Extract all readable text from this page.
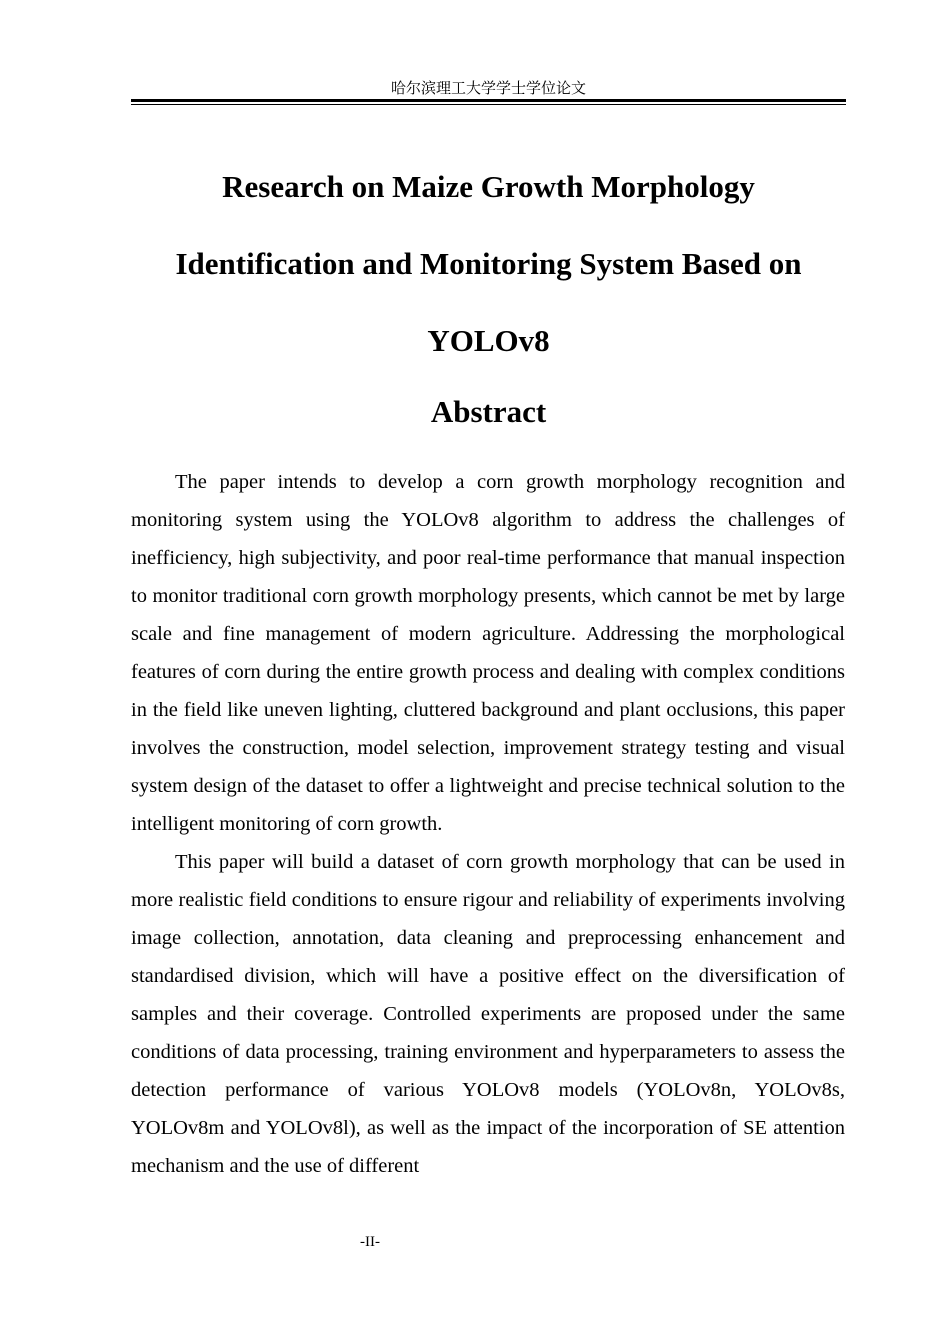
哈尔滨理工大学学士学位论文
Research on Maize Growth Morphology Identification and Monitoring System Based on YOLOv8
Abstract

The paper intends to develop a corn growth morphology recognition and monitoring system using the YOLOv8 algorithm to address the challenges of inefficiency, high subjectivity, and poor real-time performance that manual inspection to monitor traditional corn growth morphology presents, which cannot be met by large scale and fine management of modern agriculture. Addressing the morphological features of corn during the entire growth process and dealing with complex conditions in the field like uneven lighting, cluttered background and plant occlusions, this paper involves the construction, model selection, improvement strategy testing and visual system design of the dataset to offer a lightweight and precise technical solution to the intelligent monitoring of corn growth.

This paper will build a dataset of corn growth morphology that can be used in more realistic field conditions to ensure rigour and reliability of experiments involving image collection, annotation, data cleaning and preprocessing enhancement and standardised division, which will have a positive effect on the diversification of samples and their coverage. Controlled experiments are proposed under the same conditions of data processing, training environment and hyperparameters to assess the detection performance of various YOLOv8 models (YOLOv8n, YOLOv8s, YOLOv8m and YOLOv8l), as well as the impact of the incorporation of SE attention mechanism and the use of different

-II-
